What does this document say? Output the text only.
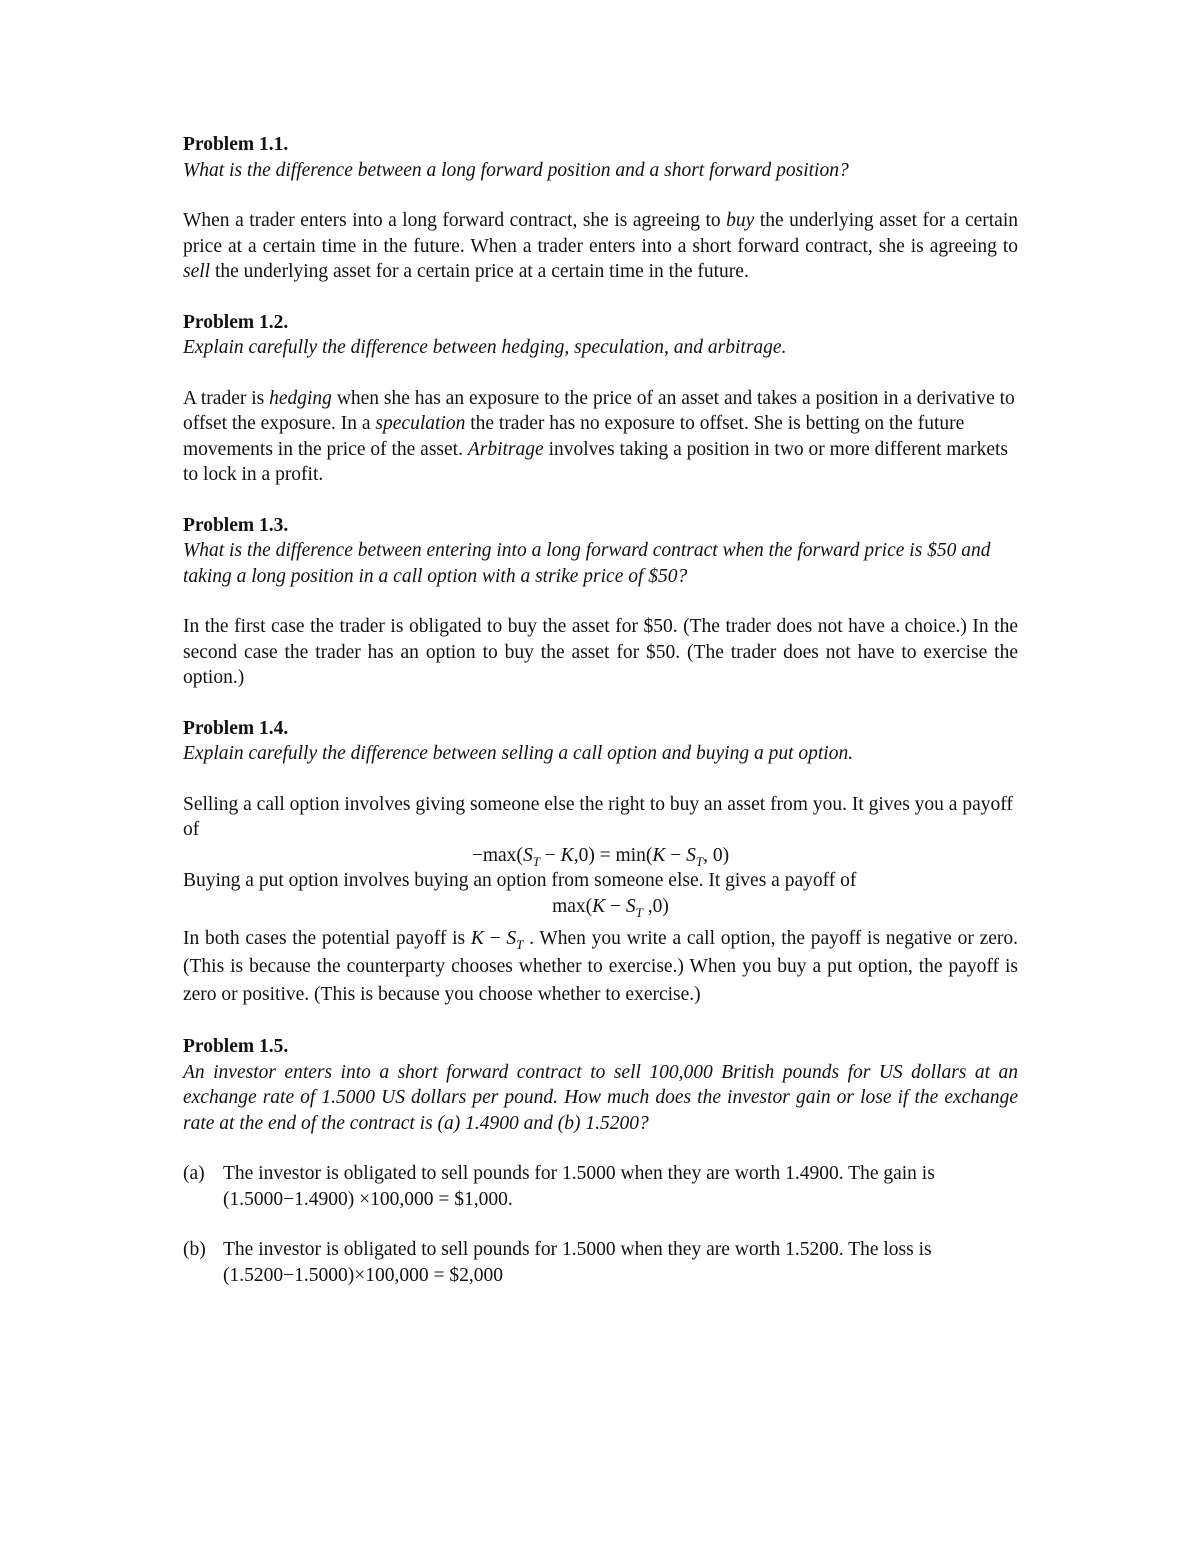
Problem 1.1.
What is the difference between a long forward position and a short forward position?
When a trader enters into a long forward contract, she is agreeing to buy the underlying asset for a certain price at a certain time in the future. When a trader enters into a short forward contract, she is agreeing to sell the underlying asset for a certain price at a certain time in the future.
Problem 1.2.
Explain carefully the difference between hedging, speculation, and arbitrage.
A trader is hedging when she has an exposure to the price of an asset and takes a position in a derivative to offset the exposure. In a speculation the trader has no exposure to offset. She is betting on the future movements in the price of the asset. Arbitrage involves taking a position in two or more different markets to lock in a profit.
Problem 1.3.
What is the difference between entering into a long forward contract when the forward price is $50 and taking a long position in a call option with a strike price of $50?
In the first case the trader is obligated to buy the asset for $50. (The trader does not have a choice.) In the second case the trader has an option to buy the asset for $50. (The trader does not have to exercise the option.)
Problem 1.4.
Explain carefully the difference between selling a call option and buying a put option.
Selling a call option involves giving someone else the right to buy an asset from you. It gives you a payoff of
$-\max(S_T - K,0) = \min(K - S_T$, 0)
Buying a put option involves buying an option from someone else. It gives a payoff of
$\max(K - S_T$ ,0)
In both cases the potential payoff is $K - S_T$ . When you write a call option, the payoff is negative or zero. (This is because the counterparty chooses whether to exercise.) When you buy a put option, the payoff is zero or positive. (This is because you choose whether to exercise.)
Problem 1.5.
An investor enters into a short forward contract to sell 100,000 British pounds for US dollars at an exchange rate of 1.5000 US dollars per pound. How much does the investor gain or lose if the exchange rate at the end of the contract is (a) 1.4900 and (b) 1.5200?
(a) The investor is obligated to sell pounds for 1.5000 when they are worth 1.4900. The gain is (1.5000−1.4900) ×100,000 = $1,000.
(b) The investor is obligated to sell pounds for 1.5000 when they are worth 1.5200. The loss is (1.5200−1.5000)×100,000 = $2,000
